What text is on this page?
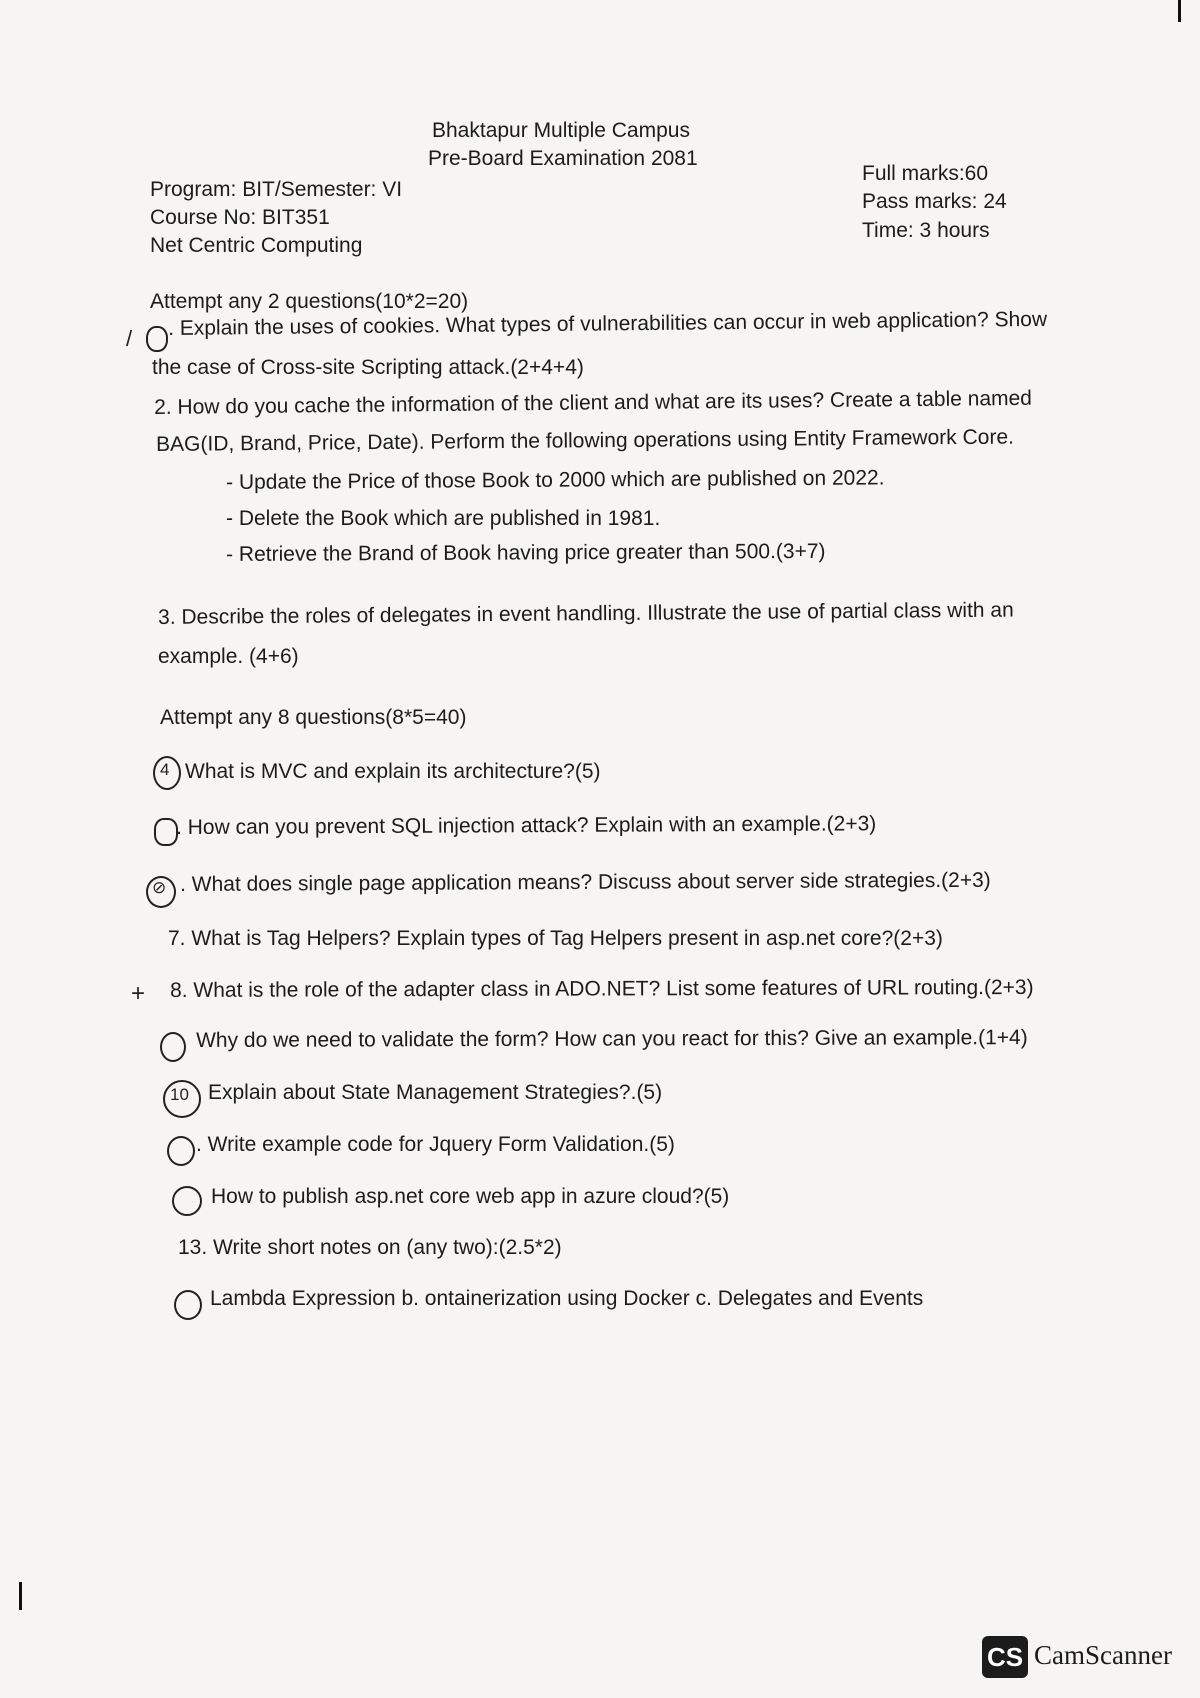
Bhaktapur Multiple Campus
Pre-Board Examination 2081
Program: BIT/Semester: VI
Course No: BIT351
Net Centric Computing
Full marks:60
Pass marks: 24
Time: 3 hours
Attempt any 2 questions(10*2=20)
/ . Explain the uses of cookies. What types of vulnerabilities can occur in web application? Show
the case of Cross-site Scripting attack.(2+4+4)
2. How do you cache the information of the client and what are its uses? Create a table named
BAG(ID, Brand, Price, Date). Perform the following operations using Entity Framework Core.
- Update the Price of those Book to 2000 which are published on 2022.
- Delete the Book which are published in 1981.
- Retrieve the Brand of Book having price greater than 500.(3+7)
3. Describe the roles of delegates in event handling. Illustrate the use of partial class with an
example. (4+6)
Attempt any 8 questions(8*5=40)
4 What is MVC and explain its architecture?(5)
. How can you prevent SQL injection attack? Explain with an example.(2+3)
⊘ . What does single page application means? Discuss about server side strategies.(2+3)
7. What is Tag Helpers? Explain types of Tag Helpers present in asp.net core?(2+3)
+ 8. What is the role of the adapter class in ADO.NET? List some features of URL routing.(2+3)
Why do we need to validate the form? How can you react for this? Give an example.(1+4)
10 Explain about State Management Strategies?.(5)
. Write example code for Jquery Form Validation.(5)
How to publish asp.net core web app in azure cloud?(5)
13. Write short notes on (any two):(2.5*2)
Lambda Expression b. ontainerization using Docker c. Delegates and Events
CS CamScanner
